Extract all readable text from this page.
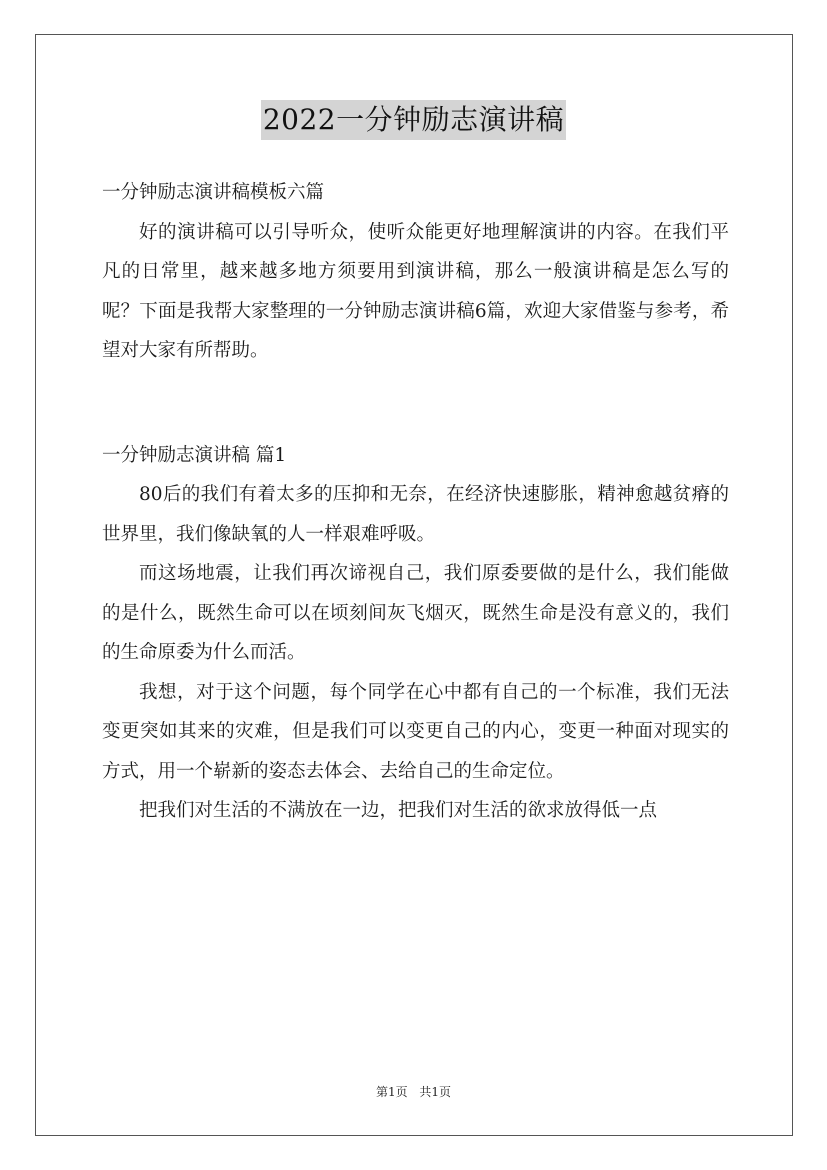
2022一分钟励志演讲稿

一分钟励志演讲稿模板六篇

好的演讲稿可以引导听众，使听众能更好地理解演讲的内容。在我们平凡的日常里，越来越多地方须要用到演讲稿，那么一般演讲稿是怎么写的呢？下面是我帮大家整理的一分钟励志演讲稿6篇，欢迎大家借鉴与参考，希望对大家有所帮助。

一分钟励志演讲稿 篇1

80后的我们有着太多的压抑和无奈，在经济快速膨胀，精神愈越贫瘠的世界里，我们像缺氧的人一样艰难呼吸。

而这场地震，让我们再次谛视自己，我们原委要做的是什么，我们能做的是什么，既然生命可以在顷刻间灰飞烟灭，既然生命是没有意义的，我们的生命原委为什么而活。

我想，对于这个问题，每个同学在心中都有自己的一个标准，我们无法变更突如其来的灾难，但是我们可以变更自己的内心，变更一种面对现实的方式，用一个崭新的姿态去体会、去给自己的生命定位。

把我们对生活的不满放在一边，把我们对生活的欲求放得低一点

第1页 共1页
